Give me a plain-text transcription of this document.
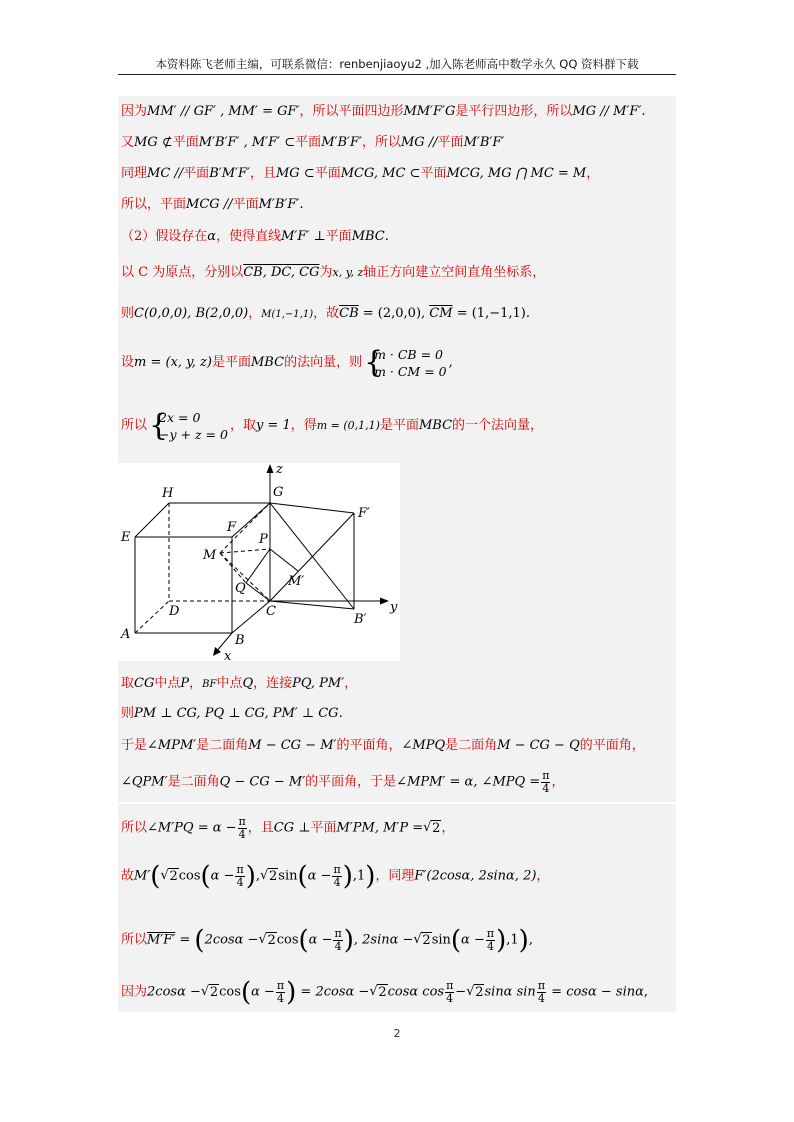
本资料陈飞老师主编，可联系微信：renbenjiaoyu2 ,加入陈老师高中数学永久 QQ 资料群下载
因为MM′ // GF′ , MM′ = GF′，所以平面四边形MM′F′G是平行四边形，所以MG // M′F′.
又MG ⊄平面M′B′F′ , M′F′ ⊂平面M′B′F′，所以MG //平面M′B′F′
同理MC //平面B′M′F′，且MG ⊂平面MCG, MC ⊂平面MCG, MG ⋂ MC = M，
所以，平面MCG //平面M′B′F′.
（2）假设存在α，使得直线M′F′ ⊥平面MBC.
以 C 为原点，分别以CB, DC, CG为x, y, z轴正方向建立空间直角坐标系，
则C(0,0,0), B(2,0,0)，M(1,−1,1)，故$\overline{CB} = (2,0,0)$, $\overline{CM} = (1,-1,1)$.
设m = (x, y, z)是平面MBC的法向量，则 {
m · CB = 0
m · CM = 0
,
所以 {
2x = 0
−y + z = 0
，取y = 1，得m = (0,1,1)是平面MBC的一个法向量，
z
H	G
F′
E
F
P
M
Q	M′
D	C
B′
y
A	B
x
取CG中点P，BF中点Q，连接PQ, PM′，
则PM ⊥ CG, PQ ⊥ CG, PM′ ⊥ CG.
于是∠MPM′是二面角M − CG − M′的平面角，∠MPQ是二面角M − CG − Q的平面角，
∠QPM′是二面角Q − CG − M′的平面角，于是∠MPM′ = α, ∠MPQ = $\frac{\pi}{4}$ ，
所以∠M′PQ = $\alpha - \frac{\pi}{4}$ ，且CG ⊥平面M′PM, M′P = √ 2，
故M′( √ $2\cos(\alpha - \frac{\pi}{4}$ ), √ $2\sin(\alpha - \frac{\pi}{4} ),1$)，同理F′(2cosα, 2sinα, 2)，
所以M′F′ = (2cosα − √ $2\cos(\alpha - \frac{\pi}{4}$ ), 2sinα − √ $2\sin(\alpha - \frac{\pi}{4} ),1$),
因为2cosα − √ $2\cos(\alpha - \frac{\pi}{4}$ ) = 2cosα − √ 2cosα $\cos \frac{\pi}{4}$ − √ 2sinα $\sin \frac{\pi}{4} = \cos\alpha - \sin\alpha$,
2
